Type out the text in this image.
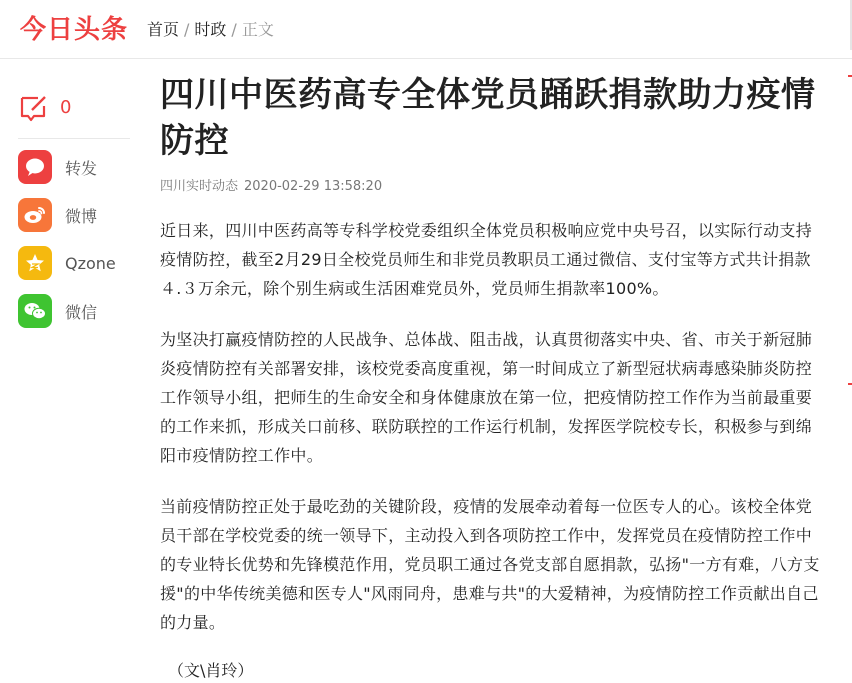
今日头条 首页 / 时政 / 正文
0
转发
微博
Qzone
微信
四川中医药高专全体党员踊跃捐款助力疫情防控
四川实时动态 2020-02-29 13:58:20

近日来，四川中医药高等专科学校党委组织全体党员积极响应党中央号召，以实际行动支持疫情防控，截至2月29日全校党员师生和非党员教职员工通过微信、支付宝等方式共计捐款４.３万余元，除个别生病或生活困难党员外，党员师生捐款率100%。

为坚决打赢疫情防控的人民战争、总体战、阻击战，认真贯彻落实中央、省、市关于新冠肺炎疫情防控有关部署安排，该校党委高度重视，第一时间成立了新型冠状病毒感染肺炎防控工作领导小组，把师生的生命安全和身体健康放在第一位，把疫情防控工作作为当前最重要的工作来抓，形成关口前移、联防联控的工作运行机制，发挥医学院校专长，积极参与到绵阳市疫情防控工作中。

当前疫情防控正处于最吃劲的关键阶段，疫情的发展牵动着每一位医专人的心。该校全体党员干部在学校党委的统一领导下，主动投入到各项防控工作中，发挥党员在疫情防控工作中的专业特长优势和先锋模范作用，党员职工通过各党支部自愿捐款，弘扬"一方有难，八方支援"的中华传统美德和医专人"风雨同舟，患难与共"的大爱精神，为疫情防控工作贡献出自己的力量。

（文\肖玲）
